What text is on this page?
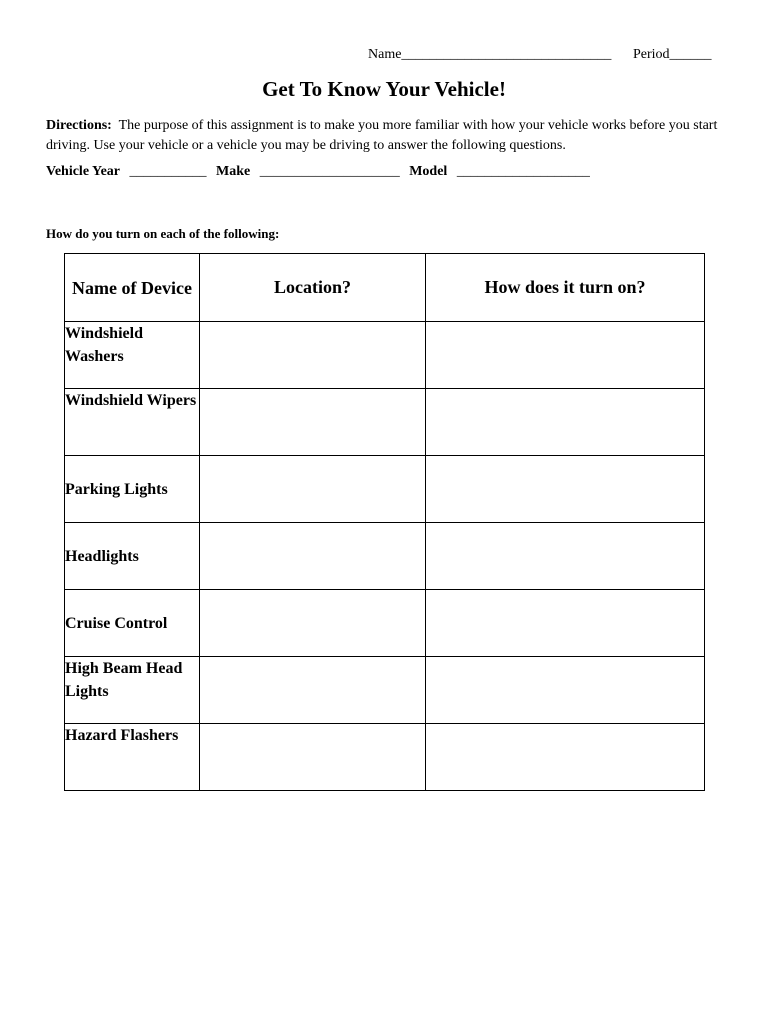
Name______________________________ Period______
Get To Know Your Vehicle!
Directions: The purpose of this assignment is to make you more familiar with how your vehicle works before you start driving. Use your vehicle or a vehicle you may be driving to answer the following questions.
Vehicle Year ___________ Make ____________________ Model ___________________
How do you turn on each of the following:
Name of Device	Location?	How does it turn on?
Windshield Washers		
Windshield Wipers		
Parking Lights		
Headlights		
Cruise Control		
High Beam Head Lights		
Hazard Flashers		
